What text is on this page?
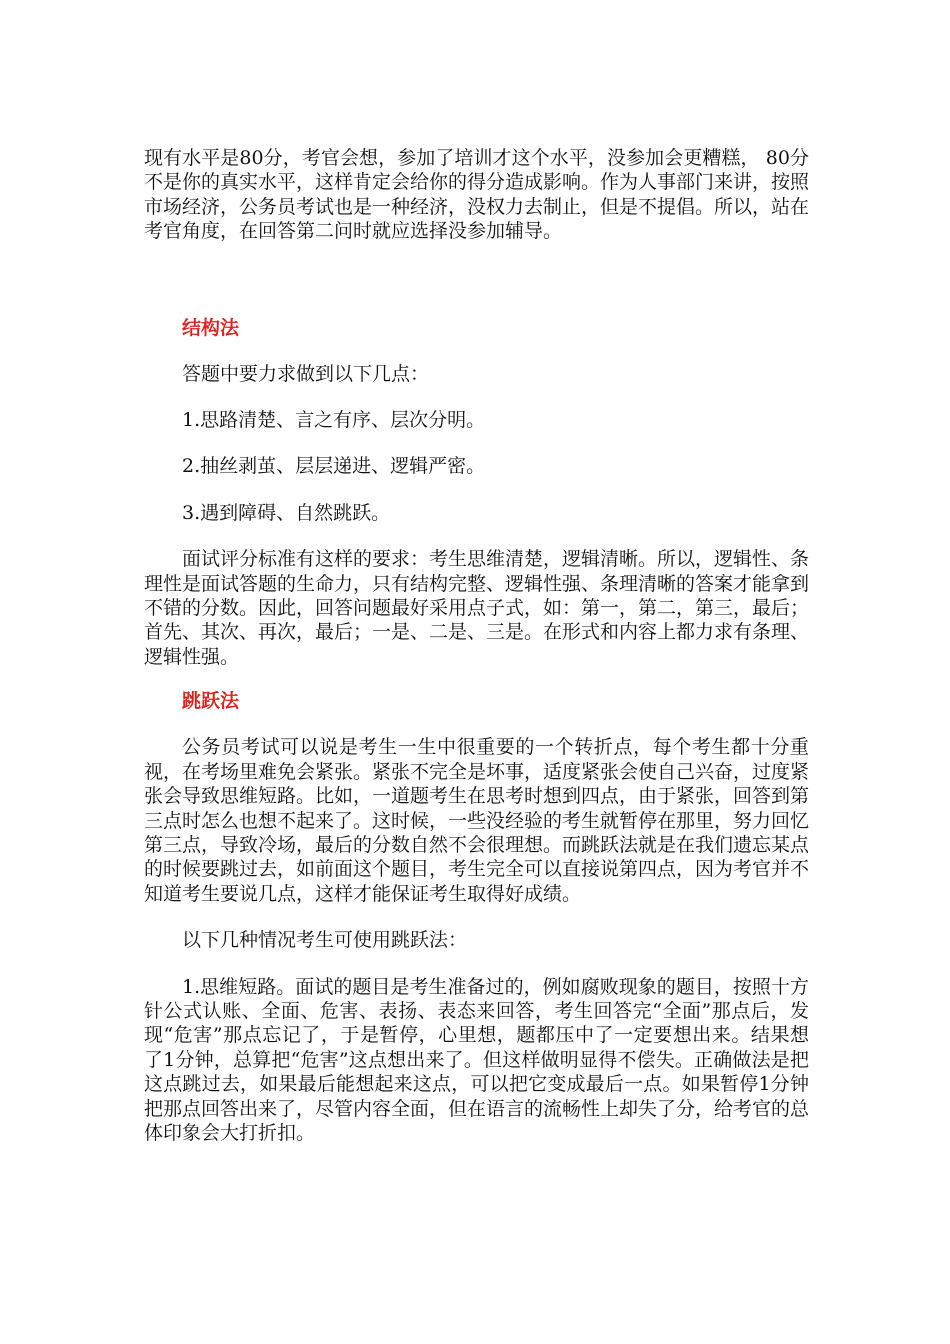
现有水平是80分，考官会想，参加了培训才这个水平，没参加会更糟糕， 80分不是你的真实水平，这样肯定会给你的得分造成影响。作为人事部门来讲，按照市场经济，公务员考试也是一种经济，没权力去制止，但是不提倡。所以，站在考官角度，在回答第二问时就应选择没参加辅导。

结构法

答题中要力求做到以下几点：

1.思路清楚、言之有序、层次分明。

2.抽丝剥茧、层层递进、逻辑严密。

3.遇到障碍、自然跳跃。

面试评分标准有这样的要求：考生思维清楚，逻辑清晰。所以，逻辑性、条理性是面试答题的生命力，只有结构完整、逻辑性强、条理清晰的答案才能拿到不错的分数。因此，回答问题最好采用点子式，如：第一，第二，第三，最后；首先、其次、再次，最后；一是、二是、三是。在形式和内容上都力求有条理、逻辑性强。

跳跃法

公务员考试可以说是考生一生中很重要的一个转折点，每个考生都十分重视，在考场里难免会紧张。紧张不完全是坏事，适度紧张会使自己兴奋，过度紧张会导致思维短路。比如，一道题考生在思考时想到四点，由于紧张，回答到第三点时怎么也想不起来了。这时候，一些没经验的考生就暂停在那里，努力回忆第三点，导致冷场，最后的分数自然不会很理想。而跳跃法就是在我们遗忘某点的时候要跳过去，如前面这个题目，考生完全可以直接说第四点，因为考官并不知道考生要说几点，这样才能保证考生取得好成绩。

以下几种情况考生可使用跳跃法：

1.思维短路。面试的题目是考生准备过的，例如腐败现象的题目，按照十方针公式认账、全面、危害、表扬、表态来回答，考生回答完“全面”那点后，发现“危害”那点忘记了，于是暂停，心里想，题都压中了一定要想出来。结果想了1分钟，总算把“危害”这点想出来了。但这样做明显得不偿失。正确做法是把这点跳过去，如果最后能想起来这点，可以把它变成最后一点。如果暂停1分钟把那点回答出来了，尽管内容全面，但在语言的流畅性上却失了分，给考官的总体印象会大打折扣。
